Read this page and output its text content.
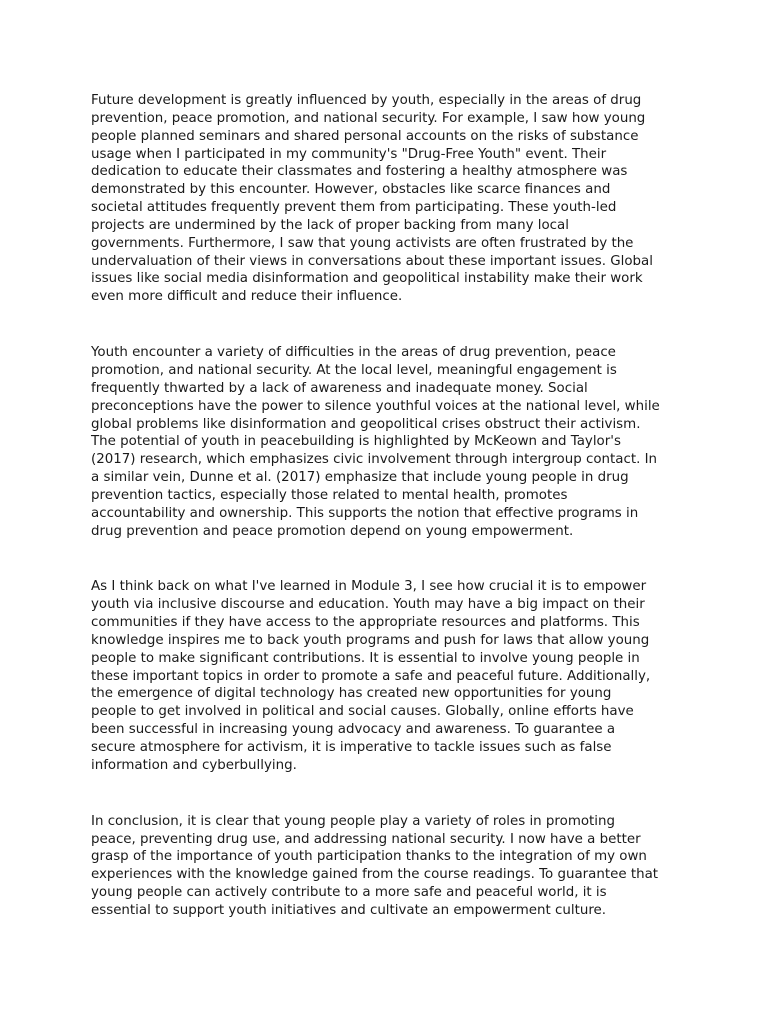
Future development is greatly influenced by youth, especially in the areas of drug
prevention, peace promotion, and national security. For example, I saw how young
people planned seminars and shared personal accounts on the risks of substance
usage when I participated in my community's "Drug-Free Youth" event. Their
dedication to educate their classmates and fostering a healthy atmosphere was
demonstrated by this encounter. However, obstacles like scarce finances and
societal attitudes frequently prevent them from participating. These youth-led
projects are undermined by the lack of proper backing from many local
governments. Furthermore, I saw that young activists are often frustrated by the
undervaluation of their views in conversations about these important issues. Global
issues like social media disinformation and geopolitical instability make their work
even more difficult and reduce their influence.

Youth encounter a variety of difficulties in the areas of drug prevention, peace
promotion, and national security. At the local level, meaningful engagement is
frequently thwarted by a lack of awareness and inadequate money. Social
preconceptions have the power to silence youthful voices at the national level, while
global problems like disinformation and geopolitical crises obstruct their activism.
The potential of youth in peacebuilding is highlighted by McKeown and Taylor's
(2017) research, which emphasizes civic involvement through intergroup contact. In
a similar vein, Dunne et al. (2017) emphasize that include young people in drug
prevention tactics, especially those related to mental health, promotes
accountability and ownership. This supports the notion that effective programs in
drug prevention and peace promotion depend on young empowerment.

As I think back on what I've learned in Module 3, I see how crucial it is to empower
youth via inclusive discourse and education. Youth may have a big impact on their
communities if they have access to the appropriate resources and platforms. This
knowledge inspires me to back youth programs and push for laws that allow young
people to make significant contributions. It is essential to involve young people in
these important topics in order to promote a safe and peaceful future. Additionally,
the emergence of digital technology has created new opportunities for young
people to get involved in political and social causes. Globally, online efforts have
been successful in increasing young advocacy and awareness. To guarantee a
secure atmosphere for activism, it is imperative to tackle issues such as false
information and cyberbullying.

In conclusion, it is clear that young people play a variety of roles in promoting
peace, preventing drug use, and addressing national security. I now have a better
grasp of the importance of youth participation thanks to the integration of my own
experiences with the knowledge gained from the course readings. To guarantee that
young people can actively contribute to a more safe and peaceful world, it is
essential to support youth initiatives and cultivate an empowerment culture.
